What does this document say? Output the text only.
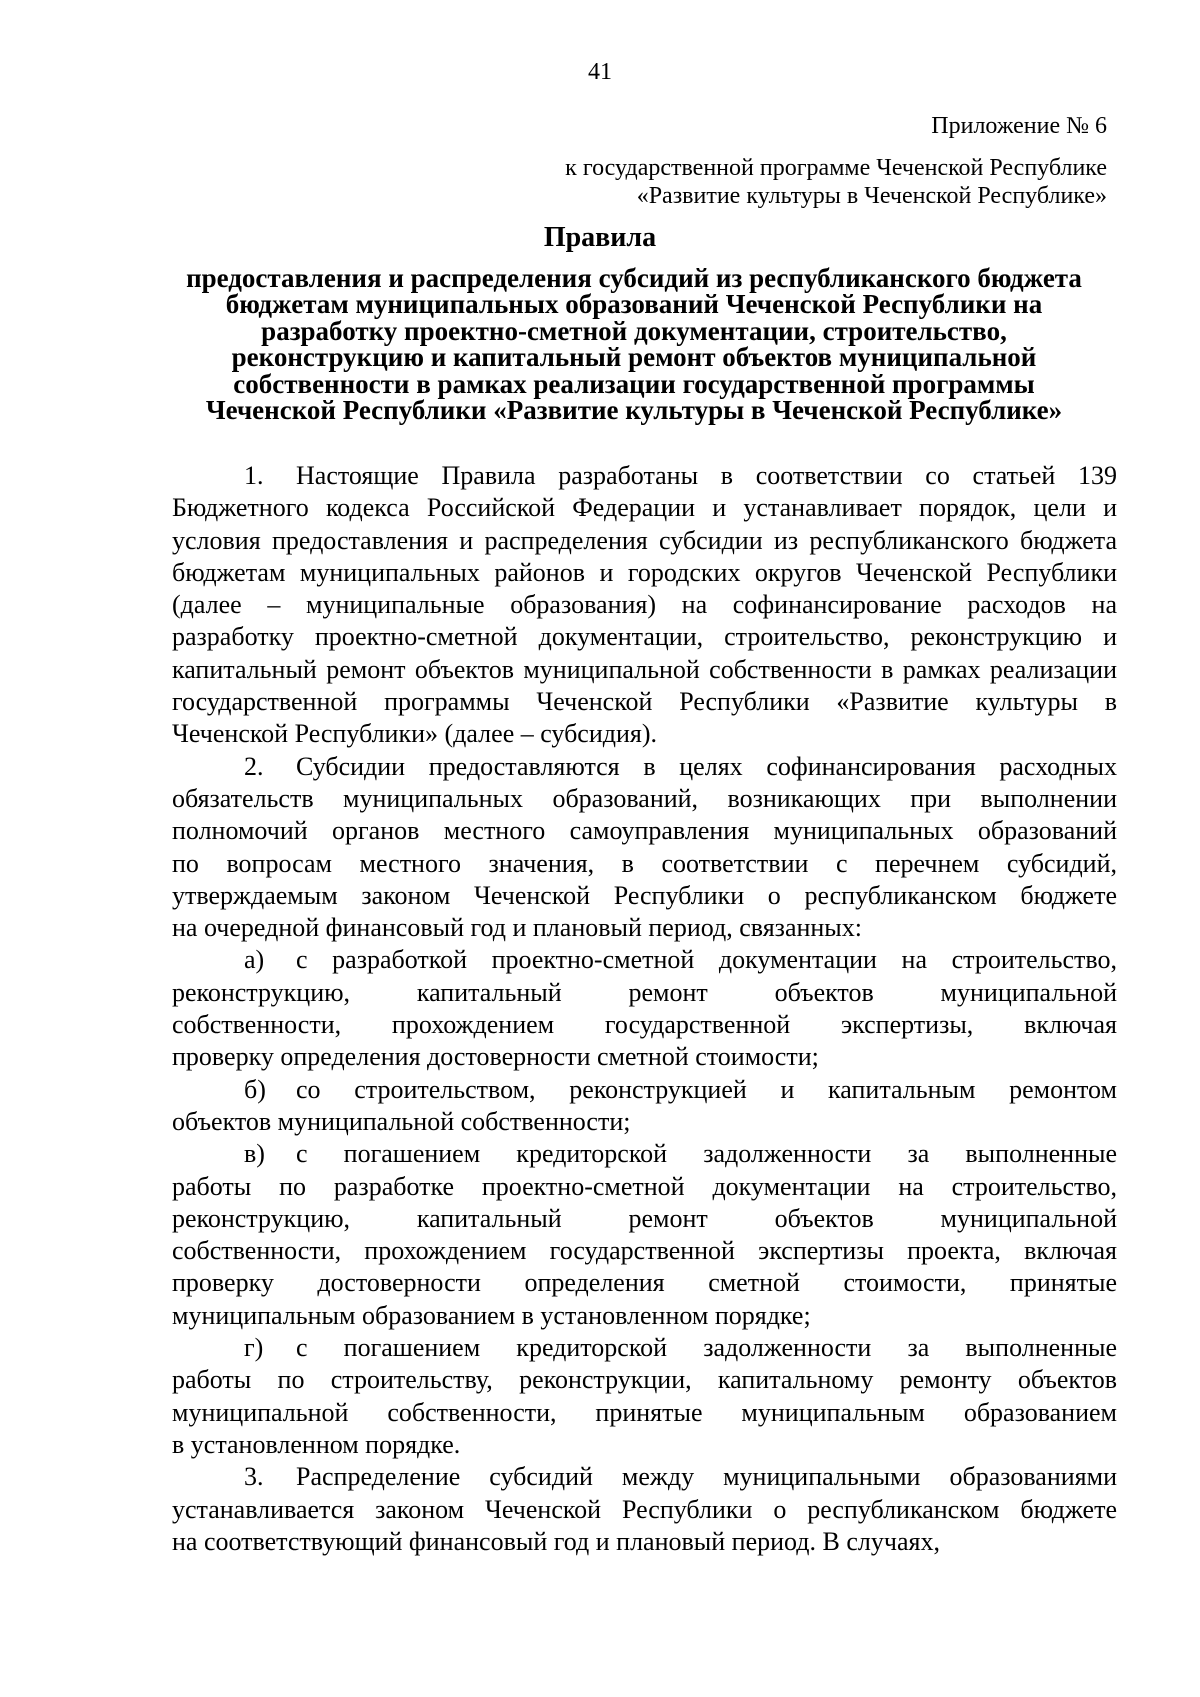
41
Приложение № 6
к государственной программе Чеченской Республике
«Развитие культуры в Чеченской Республике»
Правила
предоставления и распределения субсидий из республиканского бюджета
бюджетам муниципальных образований Чеченской Республики на
разработку проектно-сметной документации, строительство,
реконструкцию и капитальный ремонт объектов муниципальной
собственности в рамках реализации государственной программы
Чеченской Республики «Развитие культуры в Чеченской Республике»
1.	Настоящие Правила разработаны в соответствии со статьей 139
Бюджетного кодекса Российской Федерации и устанавливает порядок, цели и
условия предоставления и распределения субсидии из республиканского бюджета
бюджетам муниципальных районов и городских округов Чеченской Республики
(далее – муниципальные образования) на софинансирование расходов на
разработку проектно-сметной документации, строительство, реконструкцию и
капитальный ремонт объектов муниципальной собственности в рамках реализации
государственной программы Чеченской Республики «Развитие культуры в
Чеченской Республики» (далее – субсидия).
2.	Субсидии предоставляются в целях софинансирования расходных
обязательств муниципальных образований, возникающих при выполнении
полномочий органов местного самоуправления муниципальных образований
по вопросам местного значения, в соответствии с перечнем субсидий,
утверждаемым законом Чеченской Республики о республиканском бюджете
на очередной финансовый год и плановый период, связанных:
а)	с разработкой проектно-сметной документации на строительство,
реконструкцию, капитальный ремонт объектов муниципальной
собственности, прохождением государственной экспертизы, включая
проверку определения достоверности сметной стоимости;
б)	со строительством, реконструкцией и капитальным ремонтом
объектов муниципальной собственности;
в)	с погашением кредиторской задолженности за выполненные
работы по разработке проектно-сметной документации на строительство,
реконструкцию, капитальный ремонт объектов муниципальной
собственности, прохождением государственной экспертизы проекта, включая
проверку достоверности определения сметной стоимости, принятые
муниципальным образованием в установленном порядке;
г)	с погашением кредиторской задолженности за выполненные
работы по строительству, реконструкции, капитальному ремонту объектов
муниципальной собственности, принятые муниципальным образованием
в установленном порядке.
3.	Распределение субсидий между муниципальными образованиями
устанавливается законом Чеченской Республики о республиканском бюджете
на соответствующий финансовый год и плановый период. В случаях,
